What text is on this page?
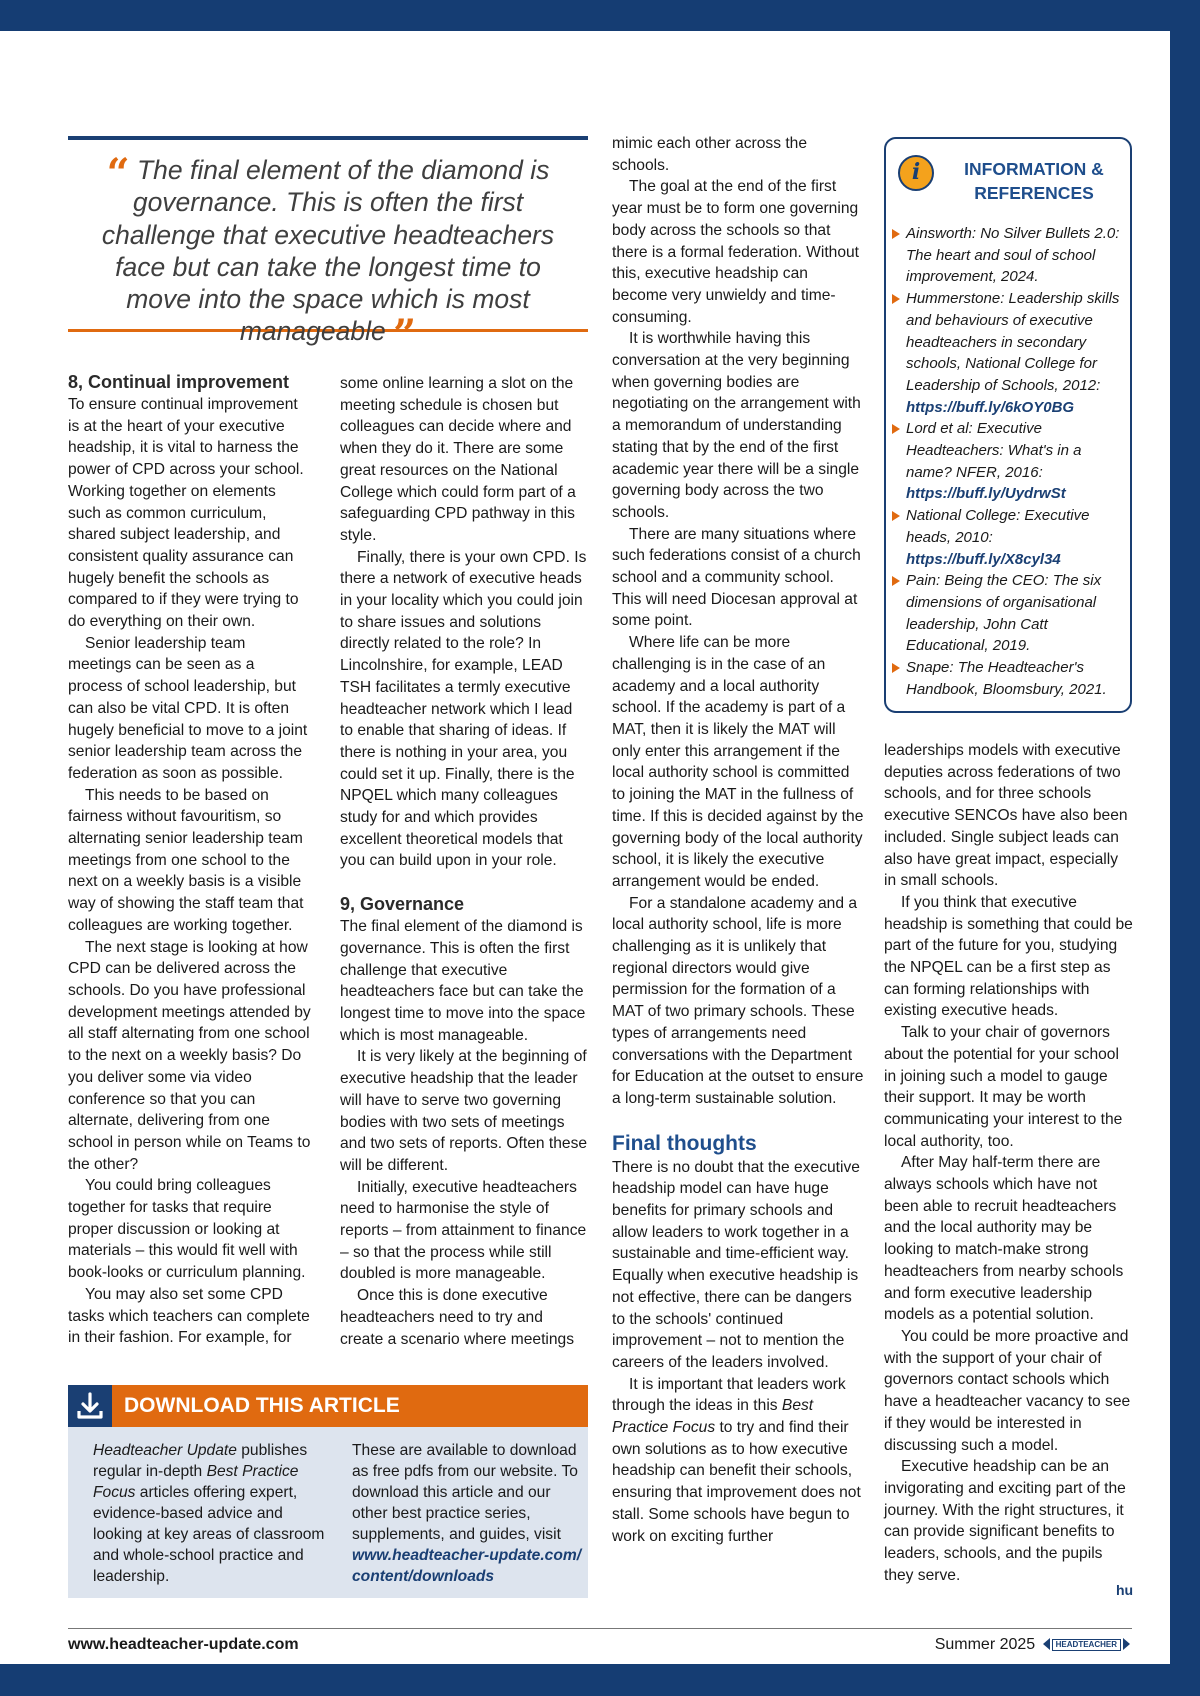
“ The final element of the diamond is governance. This is often the first challenge that executive headteachers face but can take the longest time to move into the space which is most manageable ”
8, Continual improvement

To ensure continual improvement is at the heart of your executive headship, it is vital to harness the power of CPD across your school. Working together on elements such as common curriculum, shared subject leadership, and consistent quality assurance can hugely benefit the schools as compared to if they were trying to do everything on their own.

Senior leadership team meetings can be seen as a process of school leadership, but can also be vital CPD. It is often hugely beneficial to move to a joint senior leadership team across the federation as soon as possible.

This needs to be based on fairness without favouritism, so alternating senior leadership team meetings from one school to the next on a weekly basis is a visible way of showing the staff team that colleagues are working together.

The next stage is looking at how CPD can be delivered across the schools. Do you have professional development meetings attended by all staff alternating from one school to the next on a weekly basis? Do you deliver some via video conference so that you can alternate, delivering from one school in person while on Teams to the other?

You could bring colleagues together for tasks that require proper discussion or looking at materials – this would fit well with book-looks or curriculum planning.

You may also set some CPD tasks which teachers can complete in their fashion. For example, for

some online learning a slot on the meeting schedule is chosen but colleagues can decide where and when they do it. There are some great resources on the National College which could form part of a safeguarding CPD pathway in this style.

Finally, there is your own CPD. Is there a network of executive heads in your locality which you could join to share issues and solutions directly related to the role? In Lincolnshire, for example, LEAD TSH facilitates a termly executive headteacher network which I lead to enable that sharing of ideas. If there is nothing in your area, you could set it up. Finally, there is the NPQEL which many colleagues study for and which provides excellent theoretical models that you can build upon in your role.

9, Governance

The final element of the diamond is governance. This is often the first challenge that executive headteachers face but can take the longest time to move into the space which is most manageable.

It is very likely at the beginning of executive headship that the leader will have to serve two governing bodies with two sets of meetings and two sets of reports. Often these will be different.

Initially, executive headteachers need to harmonise the style of reports – from attainment to finance – so that the process while still doubled is more manageable.

Once this is done executive headteachers need to try and create a scenario where meetings

mimic each other across the schools.

The goal at the end of the first year must be to form one governing body across the schools so that there is a formal federation. Without this, executive headship can become very unwieldy and time-consuming.

It is worthwhile having this conversation at the very beginning when governing bodies are negotiating on the arrangement with a memorandum of understanding stating that by the end of the first academic year there will be a single governing body across the two schools.

There are many situations where such federations consist of a church school and a community school. This will need Diocesan approval at some point.

Where life can be more challenging is in the case of an academy and a local authority school. If the academy is part of a MAT, then it is likely the MAT will only enter this arrangement if the local authority school is committed to joining the MAT in the fullness of time. If this is decided against by the governing body of the local authority school, it is likely the executive arrangement would be ended.

For a standalone academy and a local authority school, life is more challenging as it is unlikely that regional directors would give permission for the formation of a MAT of two primary schools. These types of arrangements need conversations with the Department for Education at the outset to ensure a long-term sustainable solution.

Final thoughts

There is no doubt that the executive headship model can have huge benefits for primary schools and allow leaders to work together in a sustainable and time-efficient way. Equally when executive headship is not effective, there can be dangers to the schools' continued improvement – not to mention the careers of the leaders involved.

It is important that leaders work through the ideas in this Best Practice Focus to try and find their own solutions as to how executive headship can benefit their schools, ensuring that improvement does not stall. Some schools have begun to work on exciting further

i	INFORMATION & REFERENCES
Ainsworth: No Silver Bullets 2.0: The heart and soul of school improvement, 2024.
Hummerstone: Leadership skills and behaviours of executive headteachers in secondary schools, National College for Leadership of Schools, 2012:
https://buff.ly/6kOY0BG
Lord et al: Executive Headteachers: What's in a name? NFER, 2016:
https://buff.ly/UydrwSt
National College: Executive heads, 2010:
https://buff.ly/X8cyl34
Pain: Being the CEO: The six dimensions of organisational leadership, John Catt Educational, 2019.
Snape: The Headteacher's Handbook, Bloomsbury, 2021.

leaderships models with executive deputies across federations of two schools, and for three schools executive SENCOs have also been included. Single subject leads can also have great impact, especially in small schools.

If you think that executive headship is something that could be part of the future for you, studying the NPQEL can be a first step as can forming relationships with existing executive heads.

Talk to your chair of governors about the potential for your school in joining such a model to gauge their support. It may be worth communicating your interest to the local authority, too.

After May half-term there are always schools which have not been able to recruit headteachers and the local authority may be looking to match-make strong headteachers from nearby schools and form executive leadership models as a potential solution.

You could be more proactive and with the support of your chair of governors contact schools which have a headteacher vacancy to see if they would be interested in discussing such a model.

Executive headship can be an invigorating and exciting part of the journey. With the right structures, it can provide significant benefits to leaders, schools, and the pupils they serve.

hu
DOWNLOAD THIS ARTICLE
Headteacher Update publishes regular in-depth Best Practice Focus articles offering expert, evidence-based advice and looking at key areas of classroom and whole-school practice and leadership.
These are available to download as free pdfs from our website. To download this article and our other best practice series, supplements, and guides, visit www.headteacher-update.com/ content/downloads
www.headteacher-update.com	Summer 2025	HEADTEACHER
